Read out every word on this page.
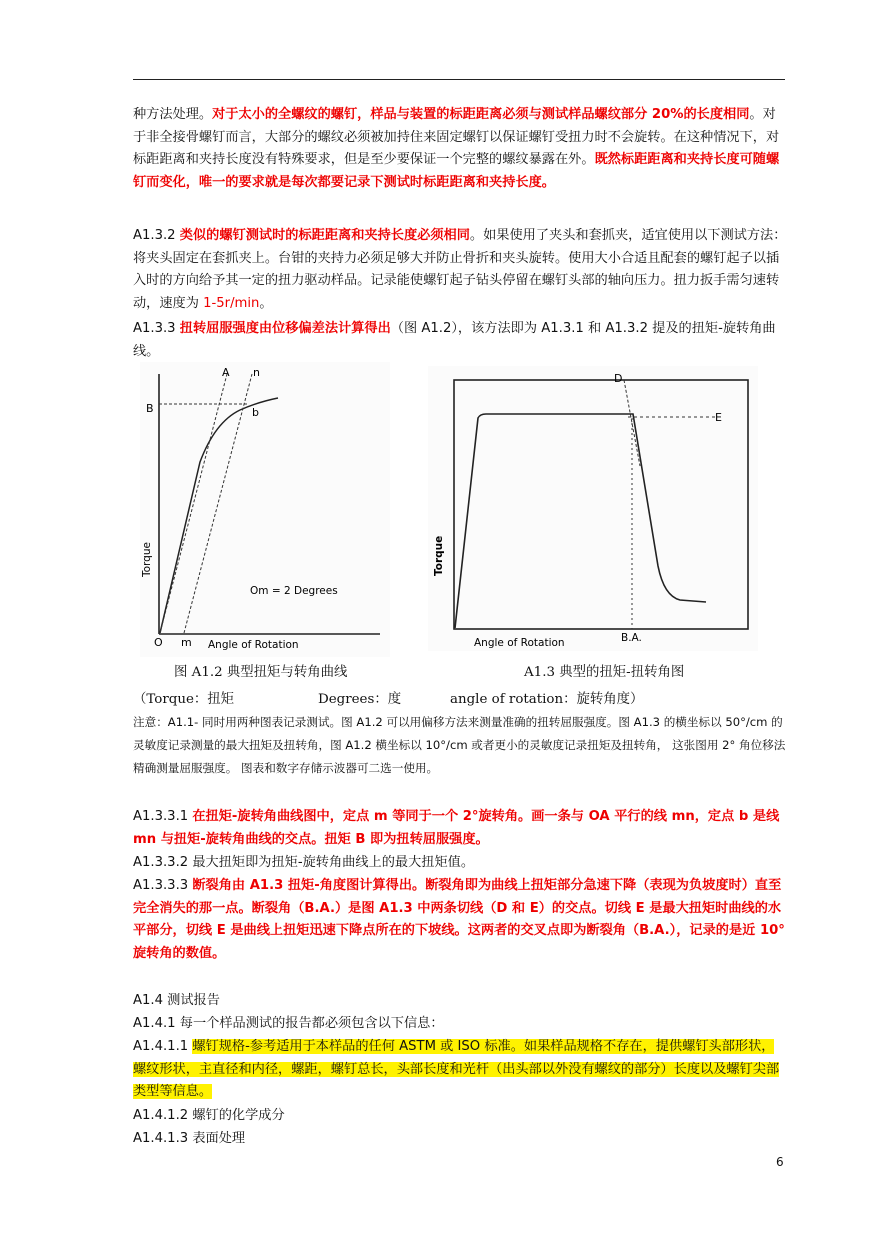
种方法处理。对于太小的全螺纹的螺钉，样品与装置的标距距离必须与测试样品螺纹部分 20%的长度相同。对于非全接骨螺钉而言，大部分的螺纹必须被加持住来固定螺钉以保证螺钉受扭力时不会旋转。在这种情况下，对标距距离和夹持长度没有特殊要求，但是至少要保证一个完整的螺纹暴露在外。既然标距距离和夹持长度可随螺钉而变化，唯一的要求就是每次都要记录下测试时标距距离和夹持长度。

A1.3.2 类似的螺钉测试时的标距距离和夹持长度必须相同。如果使用了夹头和套抓夹，适宜使用以下测试方法：将夹头固定在套抓夹上。台钳的夹持力必须足够大并防止骨折和夹头旋转。使用大小合适且配套的螺钉起子以插入时的方向给予其一定的扭力驱动样品。记录能使螺钉起子钻头停留在螺钉头部的轴向压力。扭力扳手需匀速转动，速度为 1-5r/min。

A1.3.3 扭转屈服强度由位移偏差法计算得出（图 A1.2），该方法即为 A1.3.1 和 A1.3.2 提及的扭矩-旋转角曲线。

A n
B	b
O m
Torque
Angle of Rotation
Om = 2 Degrees
D
E
B.A.
Torque
Angle of Rotation
图 A1.2 典型扭矩与转角曲线	A1.3 典型的扭矩-扭转角图
（Torque：扭矩	Degrees：度	angle of rotation：旋转角度）
注意：A1.1- 同时用两种图表记录测试。图 A1.2 可以用偏移方法来测量准确的扭转屈服强度。图 A1.3 的横坐标以 50°/cm 的灵敏度记录测量的最大扭矩及扭转角，图 A1.2 横坐标以 10°/cm 或者更小的灵敏度记录扭矩及扭转角， 这张图用 2° 角位移法精确测量屈服强度。 图表和数字存储示波器可二选一使用。

A1.3.3.1 在扭矩-旋转角曲线图中，定点 m 等同于一个 2°旋转角。画一条与 OA 平行的线 mn，定点 b 是线 mn 与扭矩-旋转角曲线的交点。扭矩 B 即为扭转屈服强度。

A1.3.3.2 最大扭矩即为扭矩-旋转角曲线上的最大扭矩值。

A1.3.3.3 断裂角由 A1.3 扭矩-角度图计算得出。断裂角即为曲线上扭矩部分急速下降（表现为负坡度时）直至完全消失的那一点。断裂角（B.A.）是图 A1.3 中两条切线（D 和 E）的交点。切线 E 是最大扭矩时曲线的水平部分，切线 E 是曲线上扭矩迅速下降点所在的下坡线。这两者的交叉点即为断裂角（B.A.），记录的是近 10°旋转角的数值。

A1.4 测试报告
A1.4.1 每一个样品测试的报告都必须包含以下信息：

A1.4.1.1 螺钉规格-参考适用于本样品的任何 ASTM 或 ISO 标准。如果样品规格不存在，提供螺钉头部形状，螺纹形状，主直径和内径，螺距，螺钉总长，头部长度和光杆（出头部以外没有螺纹的部分）长度以及螺钉尖部类型等信息。

A1.4.1.2 螺钉的化学成分
A1.4.1.3 表面处理
6
